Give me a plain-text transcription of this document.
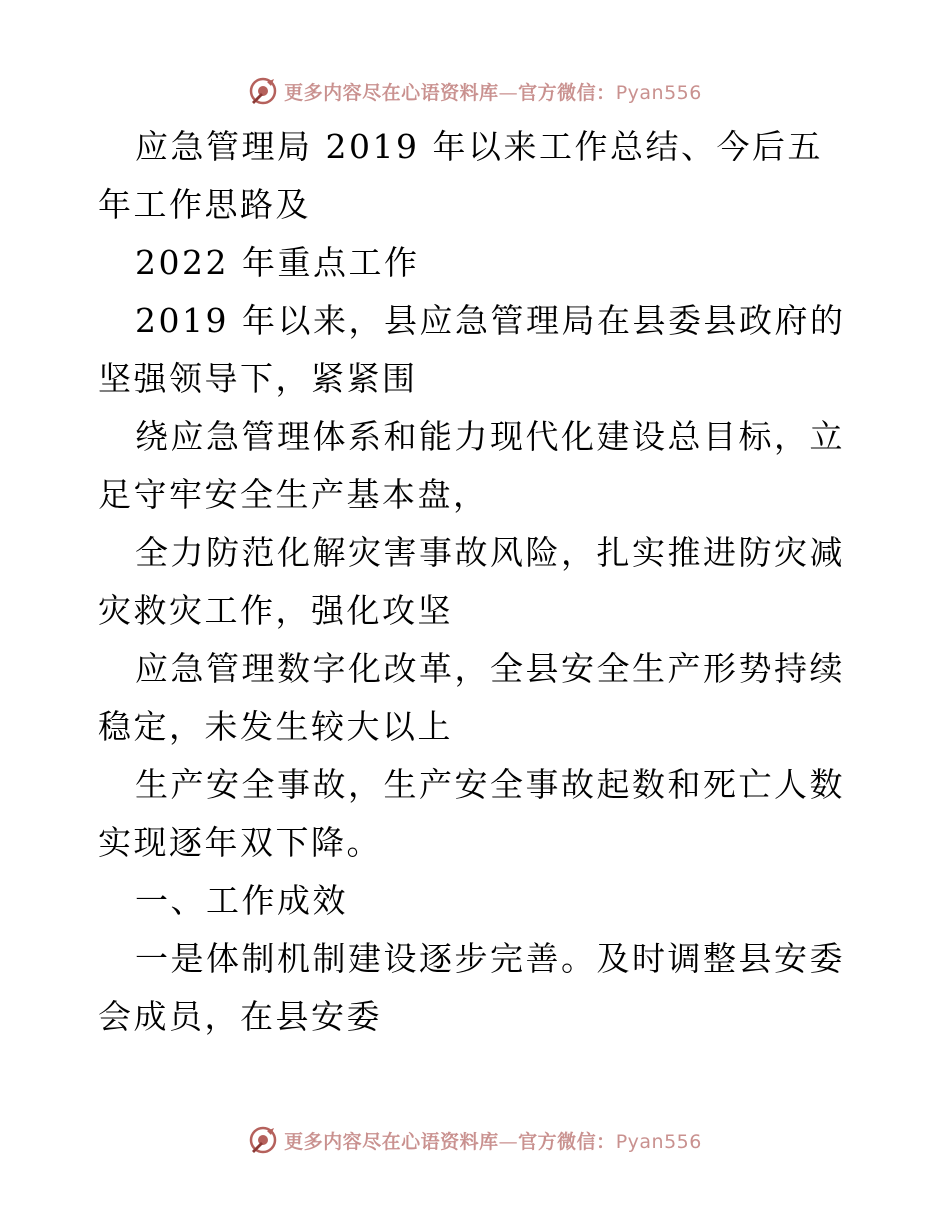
更多内容尽在心语资料库—官方微信：Pyan556

应急管理局 2019 年以来工作总结、今后五年工作思路及

2022 年重点工作

2019 年以来，县应急管理局在县委县政府的坚强领导下，紧紧围

绕应急管理体系和能力现代化建设总目标，立足守牢安全生产基本盘，

全力防范化解灾害事故风险，扎实推进防灾减灾救灾工作，强化攻坚

应急管理数字化改革，全县安全生产形势持续稳定，未发生较大以上

生产安全事故，生产安全事故起数和死亡人数实现逐年双下降。

一、工作成效

一是体制机制建设逐步完善。及时调整县安委会成员，在县安委

更多内容尽在心语资料库—官方微信：Pyan556
